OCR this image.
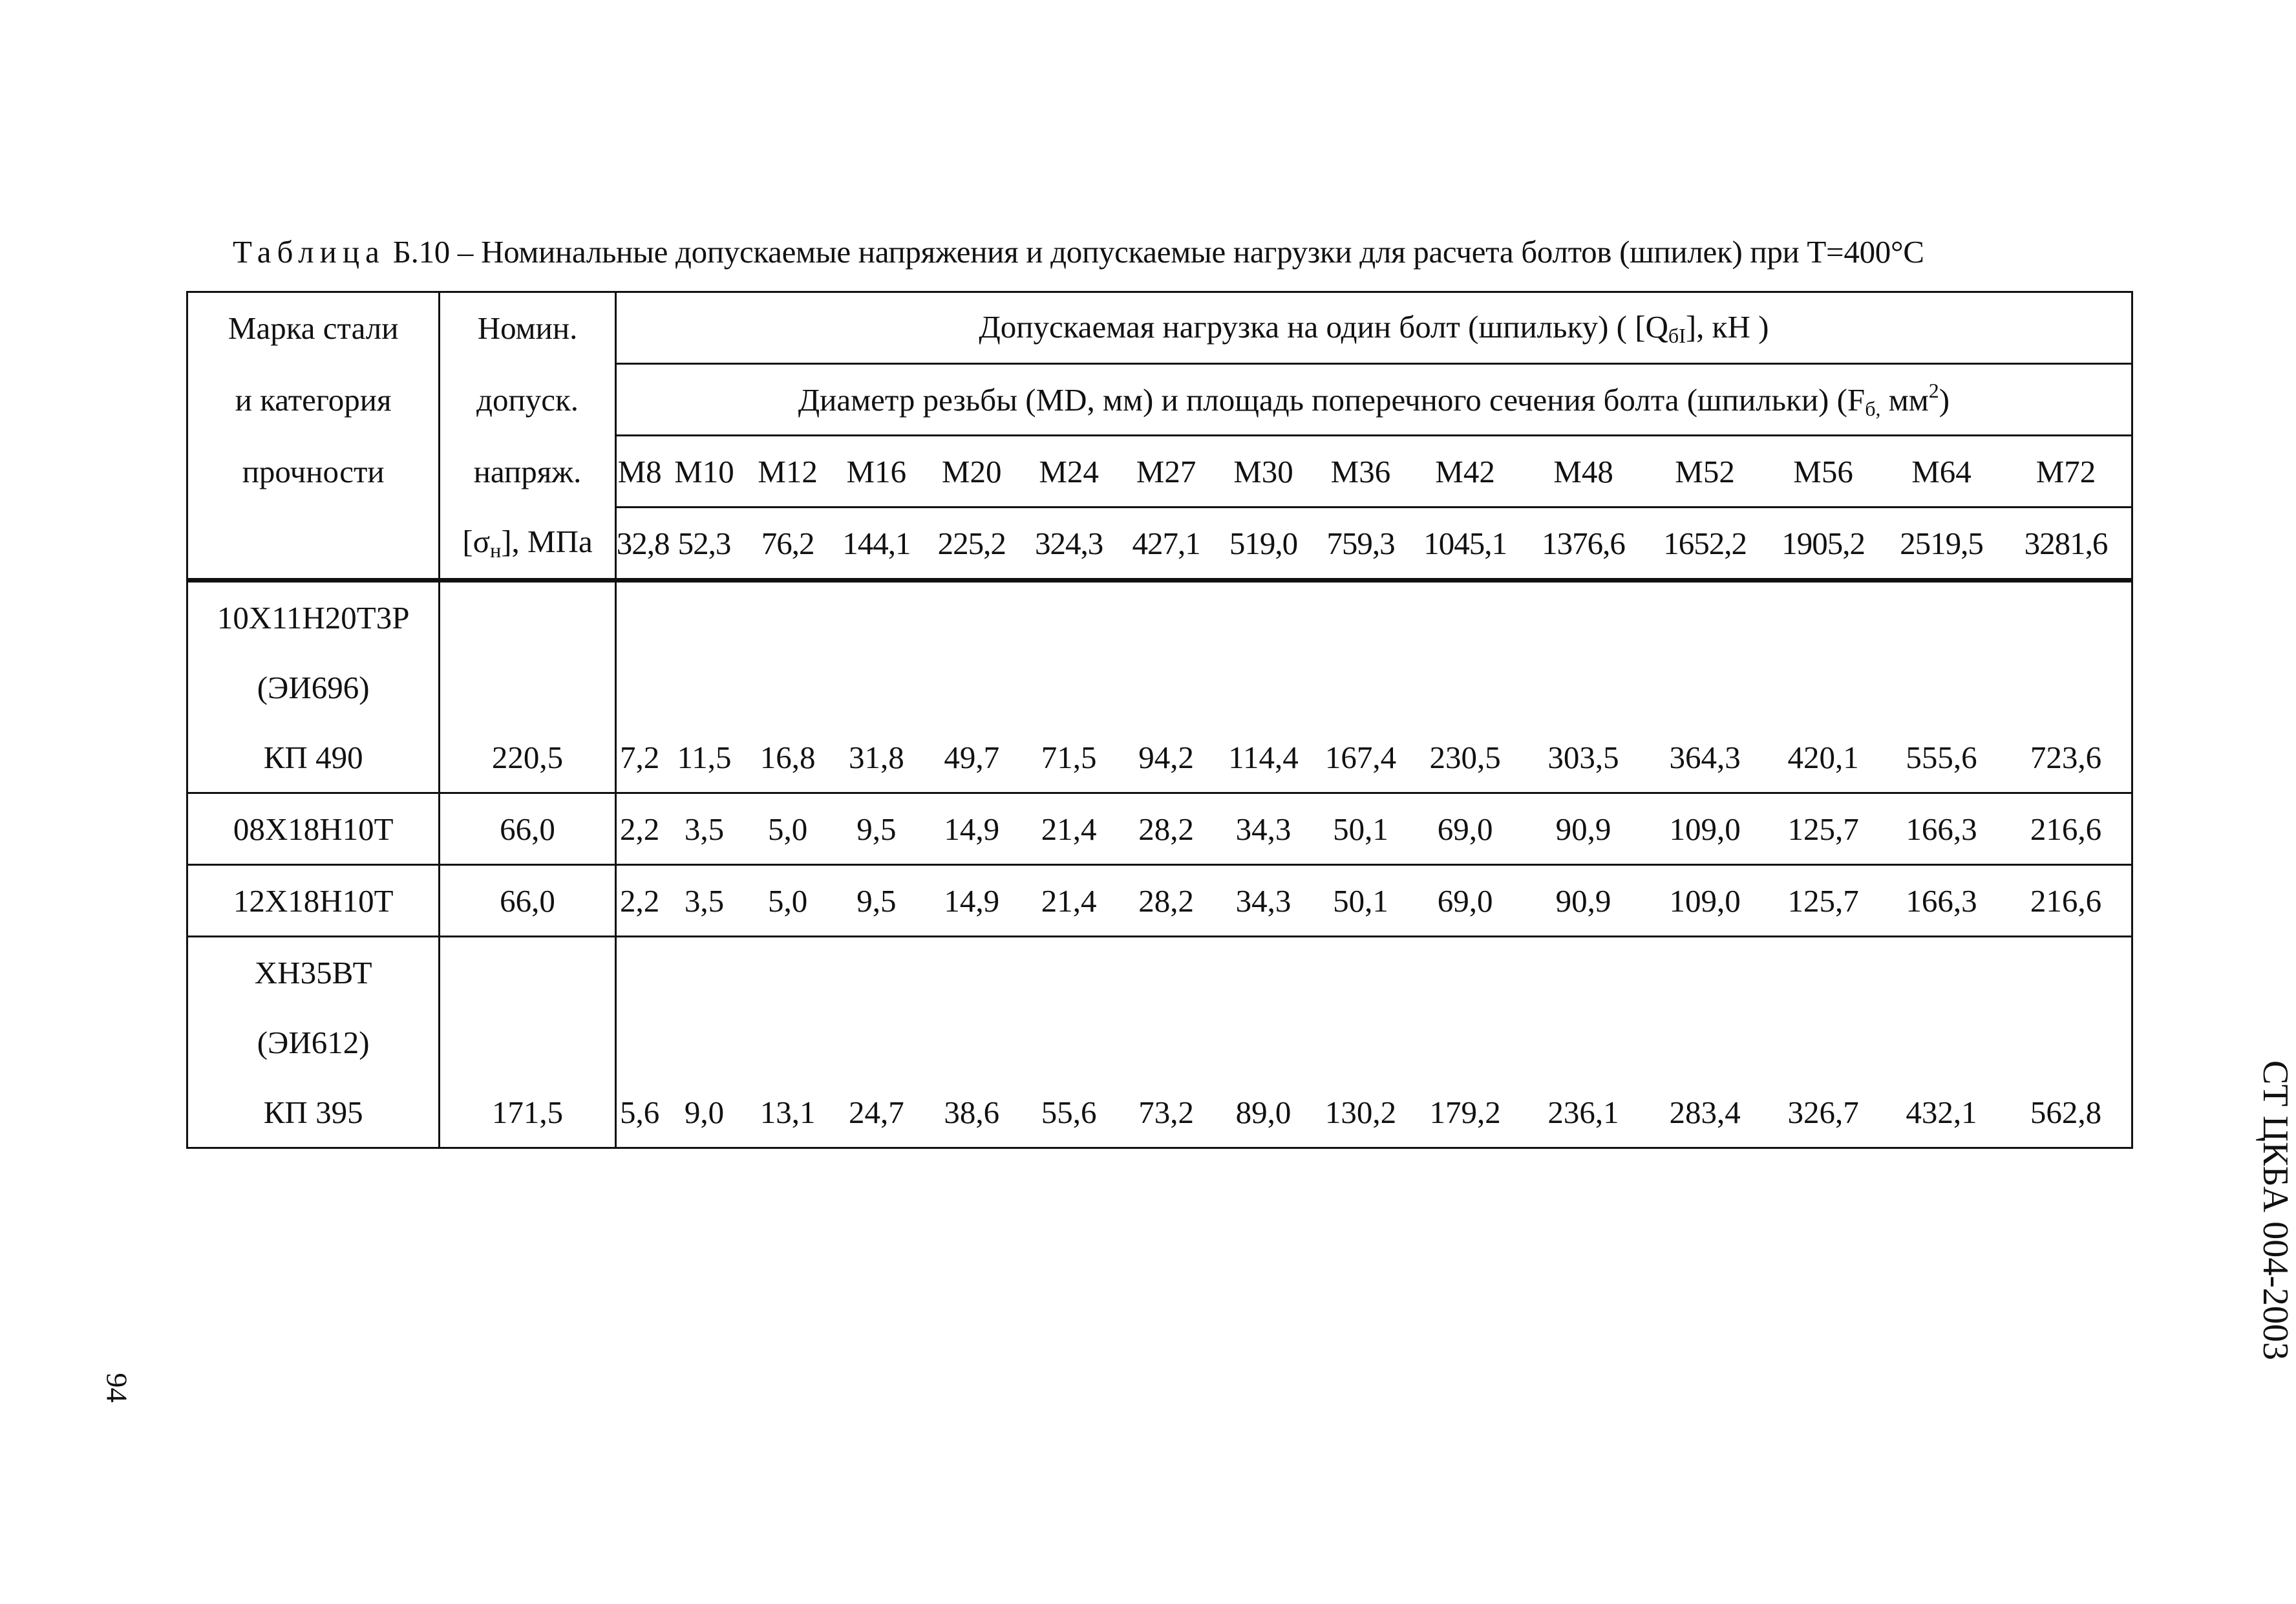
Таблица Б.10 – Номинальные допускаемые напряжения и допускаемые нагрузки для расчета болтов (шпилек) при Т=400°С
Марка стали	Номин.	Допускаемая нагрузка на один болт (шпильку) ( $[Q_{бI}]$, кН )														
и категория	допуск.	Диаметр резьбы (MD, мм) и площадь поперечного сечения болта (шпильки) ($F_{б,}$ $мм^2$)														
прочности	напряж.	M8	M10	M12	M16	M20	M24	M27	M30	M36	M42	M48	M52	M56	M64	M72
	$[\sigma_н]$, МПа	32,8	52,3	76,2	144,1	225,2	324,3	427,1	519,0	759,3	1045,1	1376,6	1652,2	1905,2	2519,5	3281,6
10Х11Н20Т3Р																
(ЭИ696)																
КП 490	220,5	7,2	11,5	16,8	31,8	49,7	71,5	94,2	114,4	167,4	230,5	303,5	364,3	420,1	555,6	723,6
08Х18Н10Т	66,0	2,2	3,5	5,0	9,5	14,9	21,4	28,2	34,3	50,1	69,0	90,9	109,0	125,7	166,3	216,6
12Х18Н10Т	66,0	2,2	3,5	5,0	9,5	14,9	21,4	28,2	34,3	50,1	69,0	90,9	109,0	125,7	166,3	216,6
ХН35ВТ																
(ЭИ612)																
КП 395	171,5	5,6	9,0	13,1	24,7	38,6	55,6	73,2	89,0	130,2	179,2	236,1	283,4	326,7	432,1	562,8	СТ ЦКБА 004-2003
94
